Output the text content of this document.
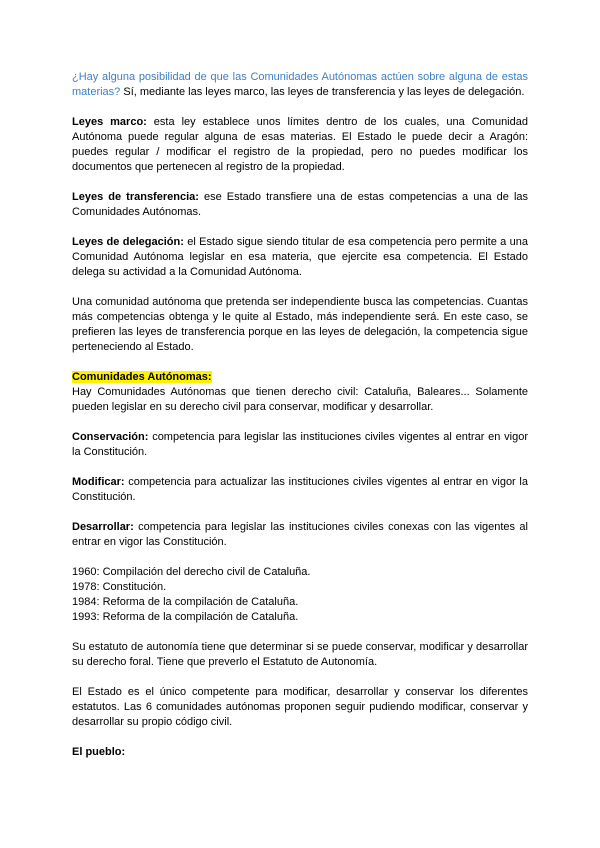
¿Hay alguna posibilidad de que las Comunidades Autónomas actúen sobre alguna de estas materias? Sí, mediante las leyes marco, las leyes de transferencia y las leyes de delegación.

Leyes marco: esta ley establece unos límites dentro de los cuales, una Comunidad Autónoma puede regular alguna de esas materias. El Estado le puede decir a Aragón: puedes regular / modificar el registro de la propiedad, pero no puedes modificar los documentos que pertenecen al registro de la propiedad.

Leyes de transferencia: ese Estado transfiere una de estas competencias a una de las Comunidades Autónomas.

Leyes de delegación: el Estado sigue siendo titular de esa competencia pero permite a una Comunidad Autónoma legislar en esa materia, que ejercite esa competencia. El Estado delega su actividad a la Comunidad Autónoma.

Una comunidad autónoma que pretenda ser independiente busca las competencias. Cuantas más competencias obtenga y le quite al Estado, más independiente será. En este caso, se prefieren las leyes de transferencia porque en las leyes de delegación, la competencia sigue perteneciendo al Estado.

Comunidades Autónomas:
Hay Comunidades Autónomas que tienen derecho civil: Cataluña, Baleares... Solamente pueden legislar en su derecho civil para conservar, modificar y desarrollar.

Conservación: competencia para legislar las instituciones civiles vigentes al entrar en vigor la Constitución.

Modificar: competencia para actualizar las instituciones civiles vigentes al entrar en vigor la Constitución.

Desarrollar: competencia para legislar las instituciones civiles conexas con las vigentes al entrar en vigor las Constitución.

1960: Compilación del derecho civil de Cataluña.
1978: Constitución.
1984: Reforma de la compilación de Cataluña.
1993: Reforma de la compilación de Cataluña.

Su estatuto de autonomía tiene que determinar si se puede conservar, modificar y desarrollar su derecho foral. Tiene que preverlo el Estatuto de Autonomía.

El Estado es el único competente para modificar, desarrollar y conservar los diferentes estatutos. Las 6 comunidades autónomas proponen seguir pudiendo modificar, conservar y desarrollar su propio código civil.

El pueblo:
